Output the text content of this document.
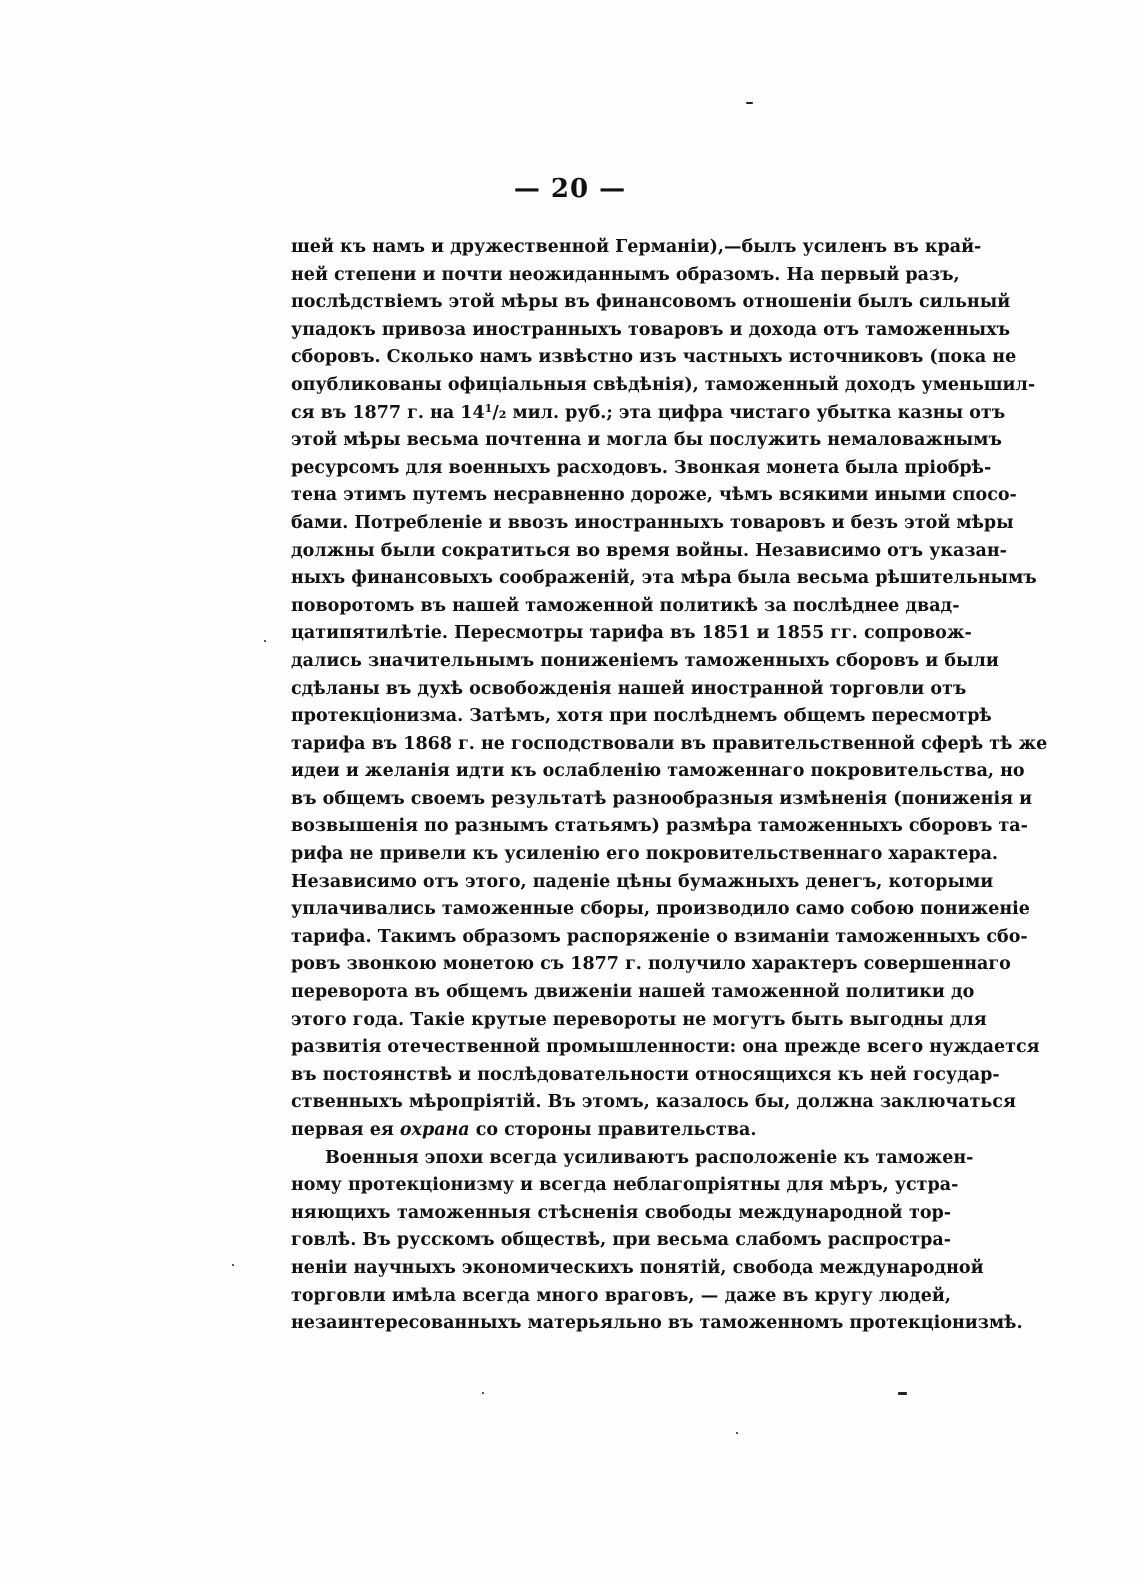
— 20 —
шей къ намъ и дружественной Германіи),—былъ усиленъ въ край-
ней степени и почти неожиданнымъ образомъ. На первый разъ,
послѣдствіемъ этой мѣры въ финансовомъ отношеніи былъ сильный
упадокъ привоза иностранныхъ товаровъ и дохода отъ таможенныхъ
сборовъ. Сколько намъ извѣстно изъ частныхъ источниковъ (пока не
опубликованы офиціальныя свѣдѣнія), таможенный доходъ уменьшил-
ся въ 1877 г. на $14^1/_2$ мил. руб.; эта цифра чистаго убытка казны отъ
этой мѣры весьма почтенна и могла бы послужить немаловажнымъ
ресурсомъ для военныхъ расходовъ. Звонкая монета была пріобрѣ-
тена этимъ путемъ несравненно дороже, чѣмъ всякими иными спосо-
бами. Потребленіе и ввозъ иностранныхъ товаровъ и безъ этой мѣры
должны были сократиться во время войны. Независимо отъ указан-
ныхъ финансовыхъ соображеній, эта мѣра была весьма рѣшительнымъ
поворотомъ въ нашей таможенной политикѣ за послѣднее двад-
цатипятилѣтіе. Пересмотры тарифа въ 1851 и 1855 гг. сопровож-
дались значительнымъ пониженіемъ таможенныхъ сборовъ и были
сдѣланы въ духѣ освобожденія нашей иностранной торговли отъ
протекціонизма. Затѣмъ, хотя при послѣднемъ общемъ пересмотрѣ
тарифа въ 1868 г. не господствовали въ правительственной сферѣ тѣ же
идеи и желанія идти къ ослабленію таможеннаго покровительства, но
въ общемъ своемъ результатѣ разнообразныя измѣненія (пониженія и
возвышенія по разнымъ статьямъ) размѣра таможенныхъ сборовъ та-
рифа не привели къ усиленію его покровительственнаго характера.
Независимо отъ этого, паденіе цѣны бумажныхъ денегъ, которыми
уплачивались таможенные сборы, производило само собою пониженіе
тарифа. Такимъ образомъ распоряженіе о взиманіи таможенныхъ сбо-
ровъ звонкою монетою съ 1877 г. получило характеръ совершеннаго
переворота въ общемъ движеніи нашей таможенной политики до
этого года. Такіе крутые перевороты не могутъ быть выгодны для
развитія отечественной промышленности: она прежде всего нуждается
въ постоянствѣ и послѣдовательности относящихся къ ней государ-
ственныхъ мѣропріятій. Въ этомъ, казалось бы, должна заключаться
первая ея охрана со стороны правительства.
Военныя эпохи всегда усиливаютъ расположеніе къ таможен-
ному протекціонизму и всегда неблагопріятны для мѣръ, устра-
няющихъ таможенныя стѣсненія свободы международной тор-
говлѣ. Въ русскомъ обществѣ, при весьма слабомъ распростра-
неніи научныхъ экономическихъ понятій, свобода международной
торговли имѣла всегда много враговъ, — даже въ кругу людей,
незаинтересованныхъ матерьяльно въ таможенномъ протекціонизмѣ.
